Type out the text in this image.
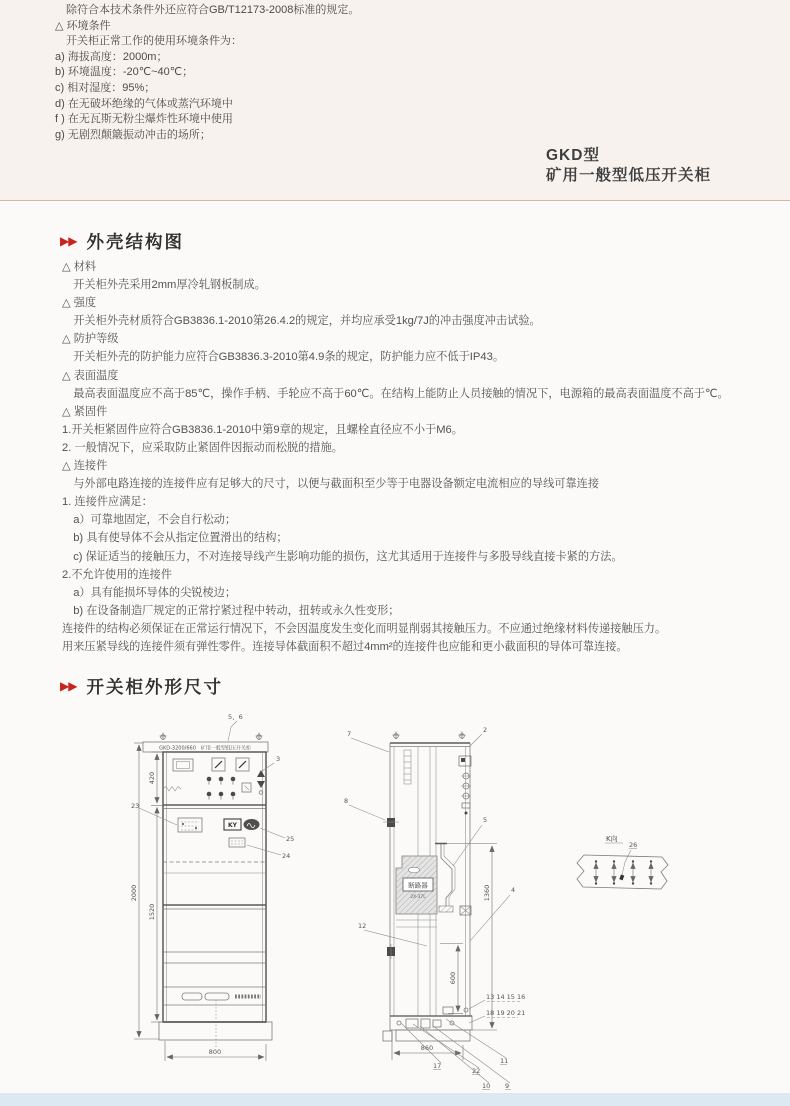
　除符合本技术条件外还应符合GB/T12173-2008标准的规定。
△ 环境条件
　开关柜正常工作的使用环境条件为：
a) 海拔高度：2000m；
b) 环境温度：-20℃~40℃；
c) 相对湿度：95%；
d) 在无破坏绝缘的气体或蒸汽环境中
f ) 在无瓦斯无粉尘爆炸性环境中使用
g) 无剧烈颠簸振动冲击的场所；
GKD型
矿用一般型低压开关柜
▶▶ 外壳结构图
△ 材料
　开关柜外壳采用2mm厚冷轧钢板制成。
△ 强度
　开关柜外壳材质符合GB3836.1-2010第26.4.2的规定，并均应承受1kg/7J的冲击强度冲击试验。
△ 防护等级
　开关柜外壳的防护能力应符合GB3836.3-2010第4.9条的规定，防护能力应不低于IP43。
△ 表面温度
　最高表面温度应不高于85℃，操作手柄、手轮应不高于60℃。在结构上能防止人员接触的情况下，电源箱的最高表面温度不高于℃。
△ 紧固件
1.开关柜紧固件应符合GB3836.1-2010中第9章的规定，且螺栓直径应不小于M6。
2. 一般情况下，应采取防止紧固件因振动而松脱的措施。
△ 连接件
　与外部电路连接的连接件应有足够大的尺寸，以便与截面积至少等于电器设备额定电流相应的导线可靠连接
1. 连接件应满足：
　a）可靠地固定，不会自行松动；
　b) 具有使导体不会从指定位置滑出的结构；
　c) 保证适当的接触压力，不对连接导线产生影响功能的损伤，这尤其适用于连接件与多股导线直接卡紧的方法。
2.不允许使用的连接件
　a）具有能损坏导体的尖锐棱边；
　b) 在设备制造厂规定的正常拧紧过程中转动，扭转或永久性变形；
连接件的结构必须保证在正常运行情况下，不会因温度发生变化而明显削弱其接触压力。不应通过绝缘材料传递接触压力。
用来压紧导线的连接件须有弹性零件。连接导体截面积不超过4mm²的连接件也应能和更小截面积的导体可靠连接。
▶▶ 开关柜外形尺寸
GKD-3200/660　矿用一般型低压开关柜
KY
2000
420
1520
800
5、6
3
23
25
24
断路器
2X-37L	1360
600
860
7	2
8
12
5
4
13 14 15 16
18 19 20 21
17
22
10 9
11
K向
26
